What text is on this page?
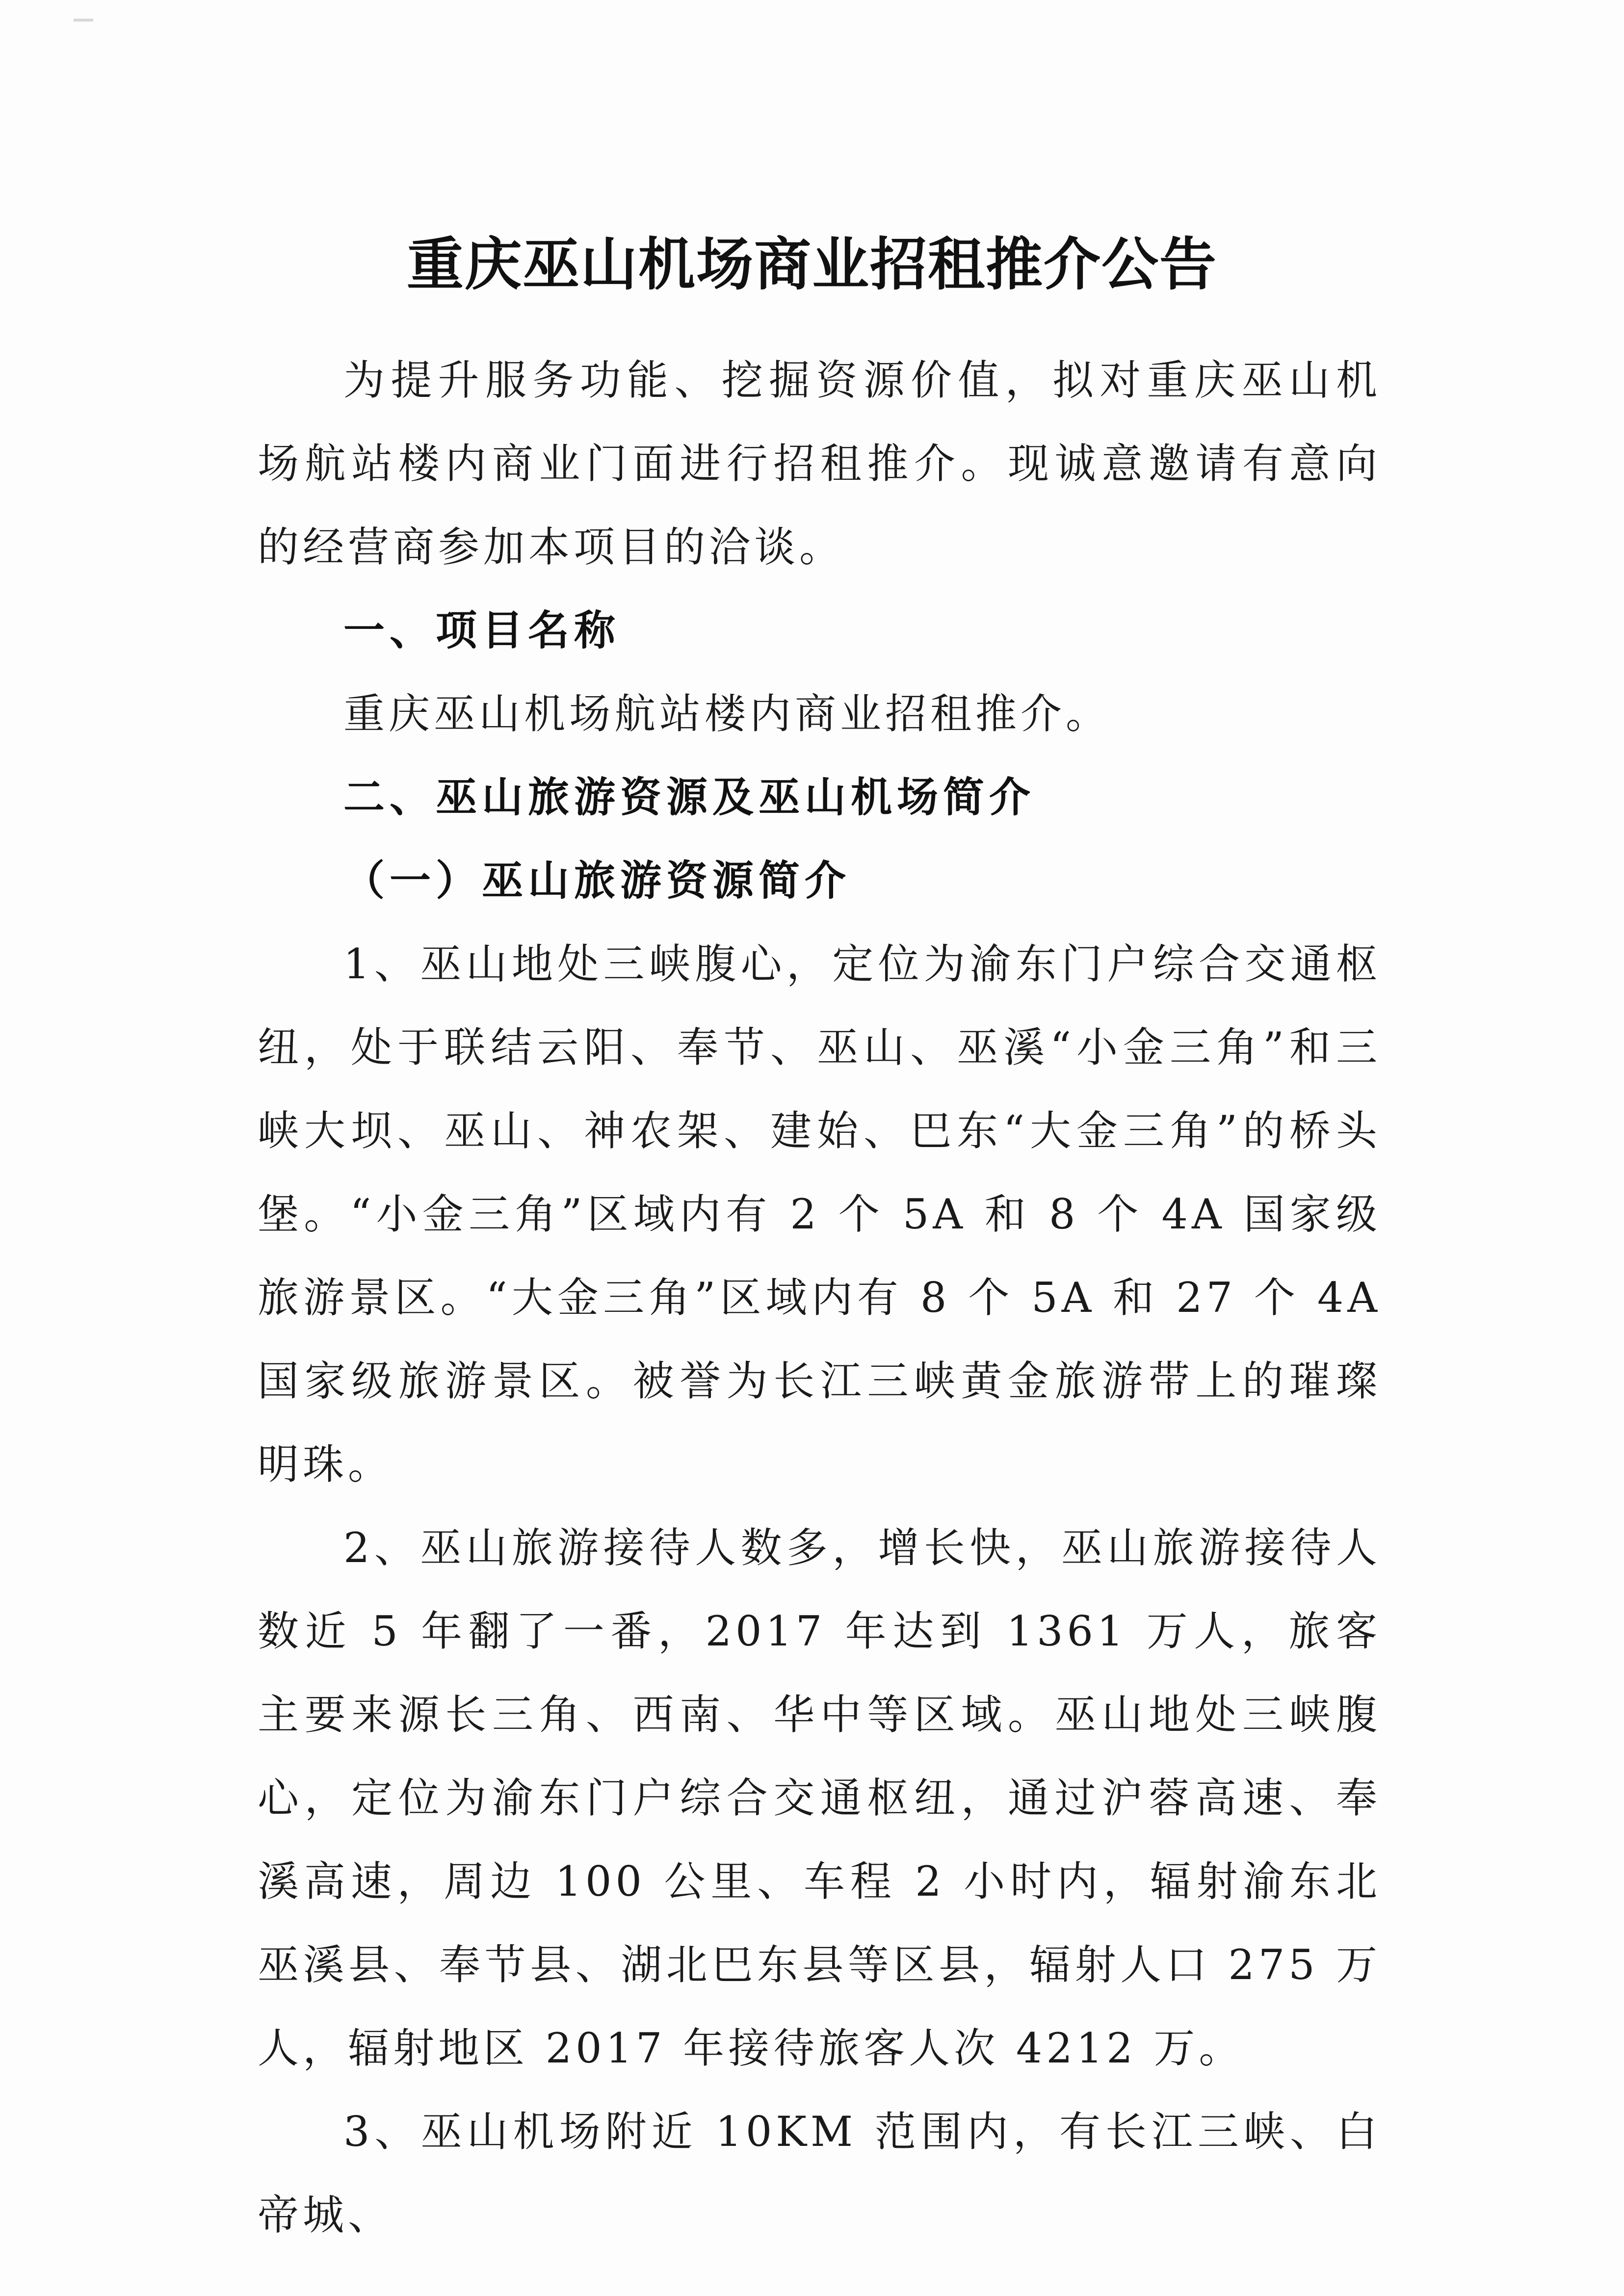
重庆巫山机场商业招租推介公告

为提升服务功能、挖掘资源价值，拟对重庆巫山机场航站楼内商业门面进行招租推介。现诚意邀请有意向的经营商参加本项目的洽谈。

一、项目名称

重庆巫山机场航站楼内商业招租推介。

二、巫山旅游资源及巫山机场简介

（一）巫山旅游资源简介

1、巫山地处三峡腹心，定位为渝东门户综合交通枢纽，处于联结云阳、奉节、巫山、巫溪“小金三角”和三峡大坝、巫山、神农架、建始、巴东“大金三角”的桥头堡。“小金三角”区域内有 2 个 5A 和 8 个 4A 国家级旅游景区。“大金三角”区域内有 8 个 5A 和 27 个 4A 国家级旅游景区。被誉为长江三峡黄金旅游带上的璀璨明珠。

2、巫山旅游接待人数多，增长快，巫山旅游接待人数近 5 年翻了一番，2017 年达到 1361 万人，旅客主要来源长三角、西南、华中等区域。巫山地处三峡腹心，定位为渝东门户综合交通枢纽，通过沪蓉高速、奉溪高速，周边 100 公里、车程 2 小时内，辐射渝东北巫溪县、奉节县、湖北巴东县等区县，辐射人口 275 万人，辐射地区 2017 年接待旅客人次 4212 万。

3、巫山机场附近 10KM 范围内，有长江三峡、白帝城、
